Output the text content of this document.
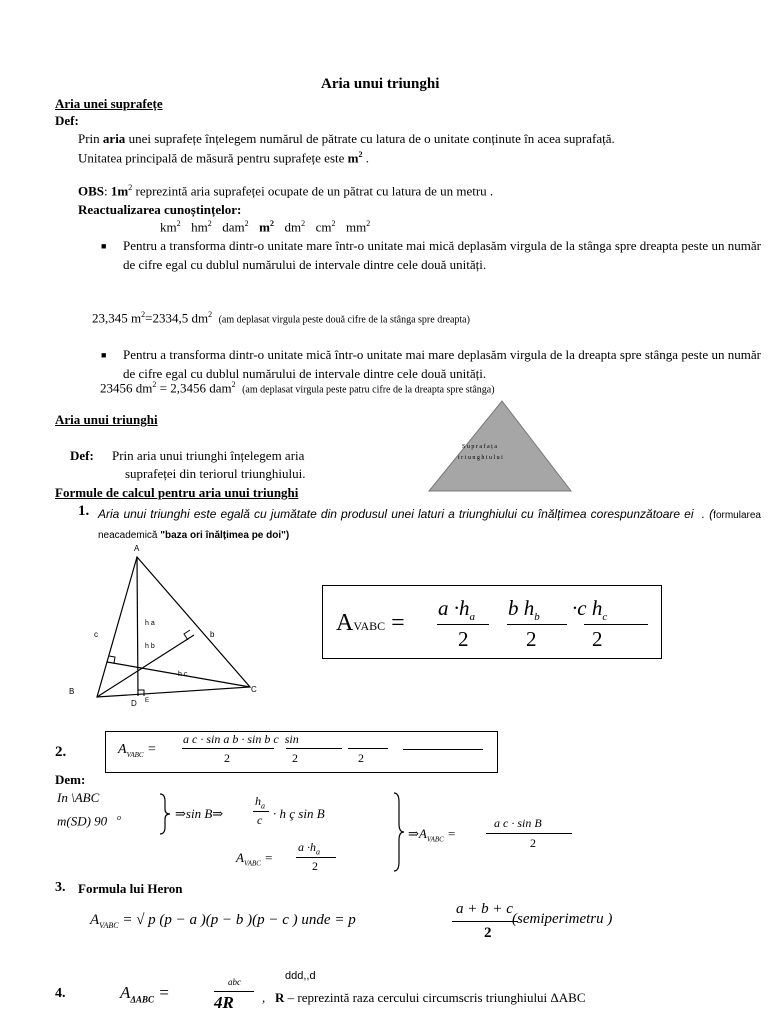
Aria unui triunghi
Aria unei suprafețe
Def:
Prin aria unei suprafețe înțelegem numărul de pătrate cu latura de o unitate conținute în acea suprafață.
Unitatea principală de măsură pentru suprafețe este $m^2$ .
OBS: $1m^2$ reprezintă aria suprafeței ocupate de un pătrat cu latura de un metru .
Reactualizarea cunoștințelor:
$km^2$ $hm^2$ dam$^2$ $m^2$ $dm^2$ $cm^2$ $mm^2$
■ Pentru a transforma dintr-o unitate mare într-o unitate mai mică deplasăm virgula de la stânga spre dreapta peste un număr de cifre egal cu dublul numărului de intervale dintre cele două unități.
23,345 $m^2=2334,5$ $dm^2$ (am deplasat virgula peste două cifre de la stânga spre dreapta)
■ Pentru a transforma dintr-o unitate mică într-o unitate mai mare deplasăm virgula de la dreapta spre stânga peste un număr de cifre egal cu dublul numărului de intervale dintre cele două unități.
23456 $dm^2 = 2,3456$ dam$^2$ (am deplasat virgula peste patru cifre de la dreapta spre stânga)
Aria unui triunghi
Def: Prin aria unui triunghi înțelegem aria
suprafeței din teriorul triunghiului.
S u p r a f a ț a
t r i u n g h i u l u i
Formule de calcul pentru aria unui triunghi
1. Aria unui triunghi este egală cu jumătate din produsul unei laturi a triunghiului cu înălțimea corespunzătoare ei  . (formularea neacademică "baza ori înălțimea pe doi")
A
B	C
D E
b
c
h a
h b
h c
AVABC =
$a \cdot h_a$
2
b $h_b$
2
·c $h_c$
2
2.	$A_{VABC}$ =
a c · sin a b · sin b c sin
2	2	2
Dem:
In \ABC
m(SD) 90 $^o$	⇒sin B⇒
$h_a$
c · h ç sin B
$A_{VABC}$ =
$a \cdot h_a$
2
$\Rightarrow A_{VABC}$ =
a c · sin B
2
3. Formula lui Heron
$A_{VABC}$ = √ p (p − a )(p − b )(p − c ) unde = p
a + b + c
2
(semiperimetru )
4.	$A_{\Delta ABC}$ =
abc
4R
ddd,,d
,   R – reprezintă raza cercului circumscris triunghiului ΔABC
